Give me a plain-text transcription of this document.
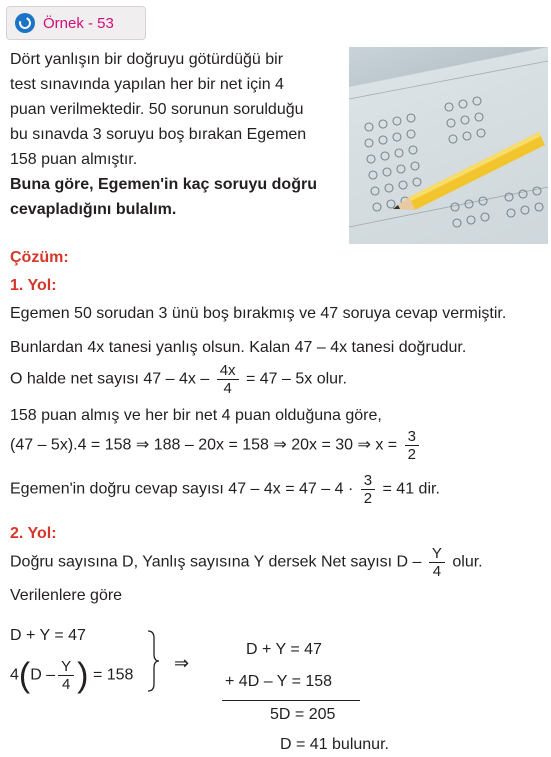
Örnek - 53
Dört yanlışın bir doğruyu götürdüğü bir
test sınavında yapılan her bir net için 4
puan verilmektedir. 50 sorunun sorulduğu
bu sınavda 3 soruyu boş bırakan Egemen
158 puan almıştır.
Buna göre, Egemen'in kaç soruyu doğru
cevapladığını bulalım.
Çözüm:
1. Yol:
Egemen 50 sorudan 3 ünü boş bırakmış ve 47 soruya cevap vermiştir.
Bunlardan 4x tanesi yanlış olsun. Kalan 47 – 4x tanesi doğrudur.
O halde net sayısı $47 - 4x - \frac{4x}{4} = 47 - 5x$ olur.
158 puan almış ve her bir net 4 puan olduğuna göre,
(47 – 5x).4 = 158 ⇒ 188 – 20x = 158 ⇒ 20x = 30 ⇒ $x = \frac{3}{2}$
Egemen'in doğru cevap sayısı $47 - 4x = 47 - 4 \cdot \frac{3}{2} = 41$ dir.
2. Yol:
Doğru sayısına D, Yanlış sayısına Y dersek Net sayısı D – $\frac{Y}{4}$ olur.
Verilenlere göre
D + Y = 47
$4(D - \frac{Y}{4}$ ) = 158
⇒
D + Y = 47
+ 4D – Y = 158
5D = 205
D = 41 bulunur.
